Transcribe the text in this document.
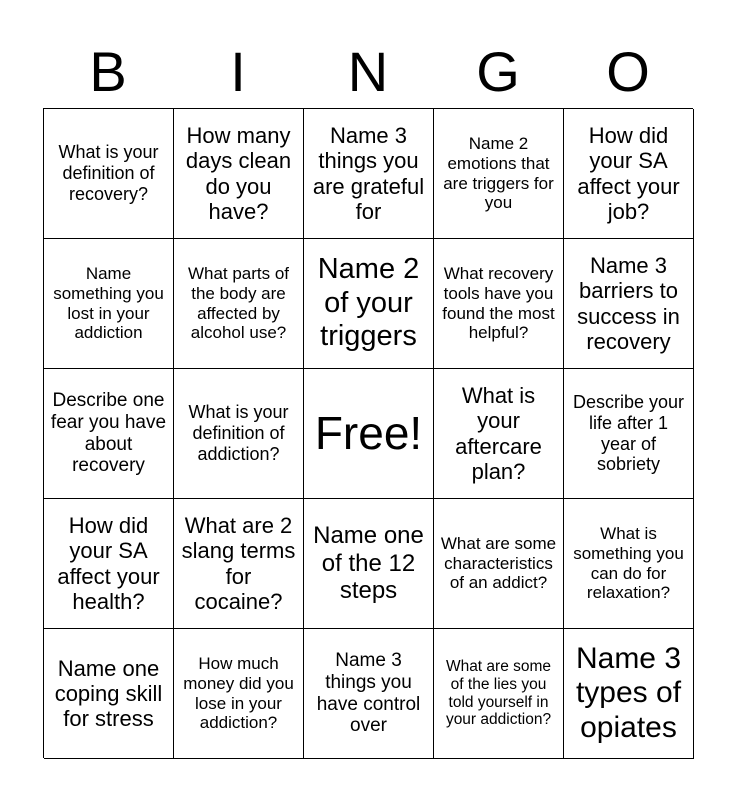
B	I	N	G	O
What is your definition of recovery?
How many days clean do you have?
Name 3 things you are grateful for
Name 2 emotions that are triggers for you
How did your SA affect your job?
Name something you lost in your addiction
What parts of the body are affected by alcohol use?
Name 2 of your triggers
What recovery tools have you found the most helpful?
Name 3 barriers to success in recovery
Describe one fear you have about recovery
What is your definition of addiction? Free!
What is your aftercare plan?
Describe your life after 1 year of sobriety
How did your SA affect your health?
What are 2 slang terms for cocaine?
Name one of the 12 steps
What are some characteristics of an addict?
What is something you can do for relaxation?
Name one coping skill for stress
How much money did you lose in your addiction?
Name 3 things you have control over
What are some of the lies you told yourself in your addiction?
Name 3 types of opiates
